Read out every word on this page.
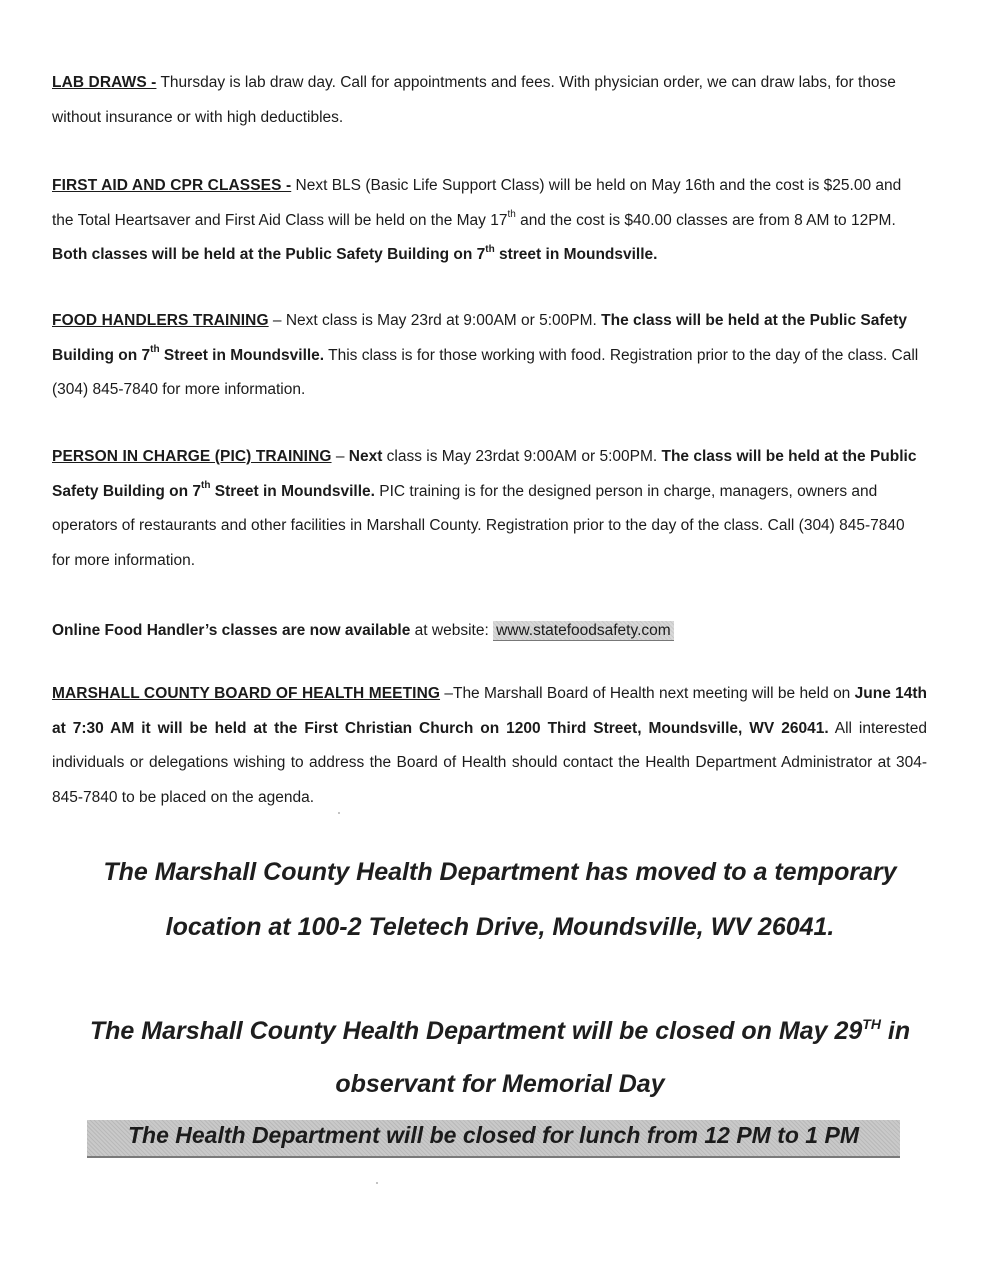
LAB DRAWS - Thursday is lab draw day. Call for appointments and fees. With physician order, we can draw labs, for those without insurance or with high deductibles.
FIRST AID AND CPR CLASSES - Next BLS (Basic Life Support Class) will be held on May 16th and the cost is $25.00 and the Total Heartsaver and First Aid Class will be held on the May 17th and the cost is $40.00 classes are from 8 AM to 12PM. Both classes will be held at the Public Safety Building on 7th street in Moundsville.
FOOD HANDLERS TRAINING – Next class is May 23rd at 9:00AM or 5:00PM. The class will be held at the Public Safety Building on 7th Street in Moundsville. This class is for those working with food. Registration prior to the day of the class. Call (304) 845-7840 for more information.
PERSON IN CHARGE (PIC) TRAINING – Next class is May 23rdat 9:00AM or 5:00PM. The class will be held at the Public Safety Building on 7th Street in Moundsville. PIC training is for the designed person in charge, managers, owners and operators of restaurants and other facilities in Marshall County. Registration prior to the day of the class. Call (304) 845-7840 for more information.
Online Food Handler’s classes are now available at website: www.statefoodsafety.com
MARSHALL COUNTY BOARD OF HEALTH MEETING –The Marshall Board of Health next meeting will be held on June 14th at 7:30 AM it will be held at the First Christian Church on 1200 Third Street, Moundsville, WV 26041. All interested individuals or delegations wishing to address the Board of Health should contact the Health Department Administrator at 304-845-7840 to be placed on the agenda.
The Marshall County Health Department has moved to a temporary
location at 100-2 Teletech Drive, Moundsville, WV 26041.
The Marshall County Health Department will be closed on May 29TH in
observant for Memorial Day
The Health Department will be closed for lunch from 12 PM to 1 PM
